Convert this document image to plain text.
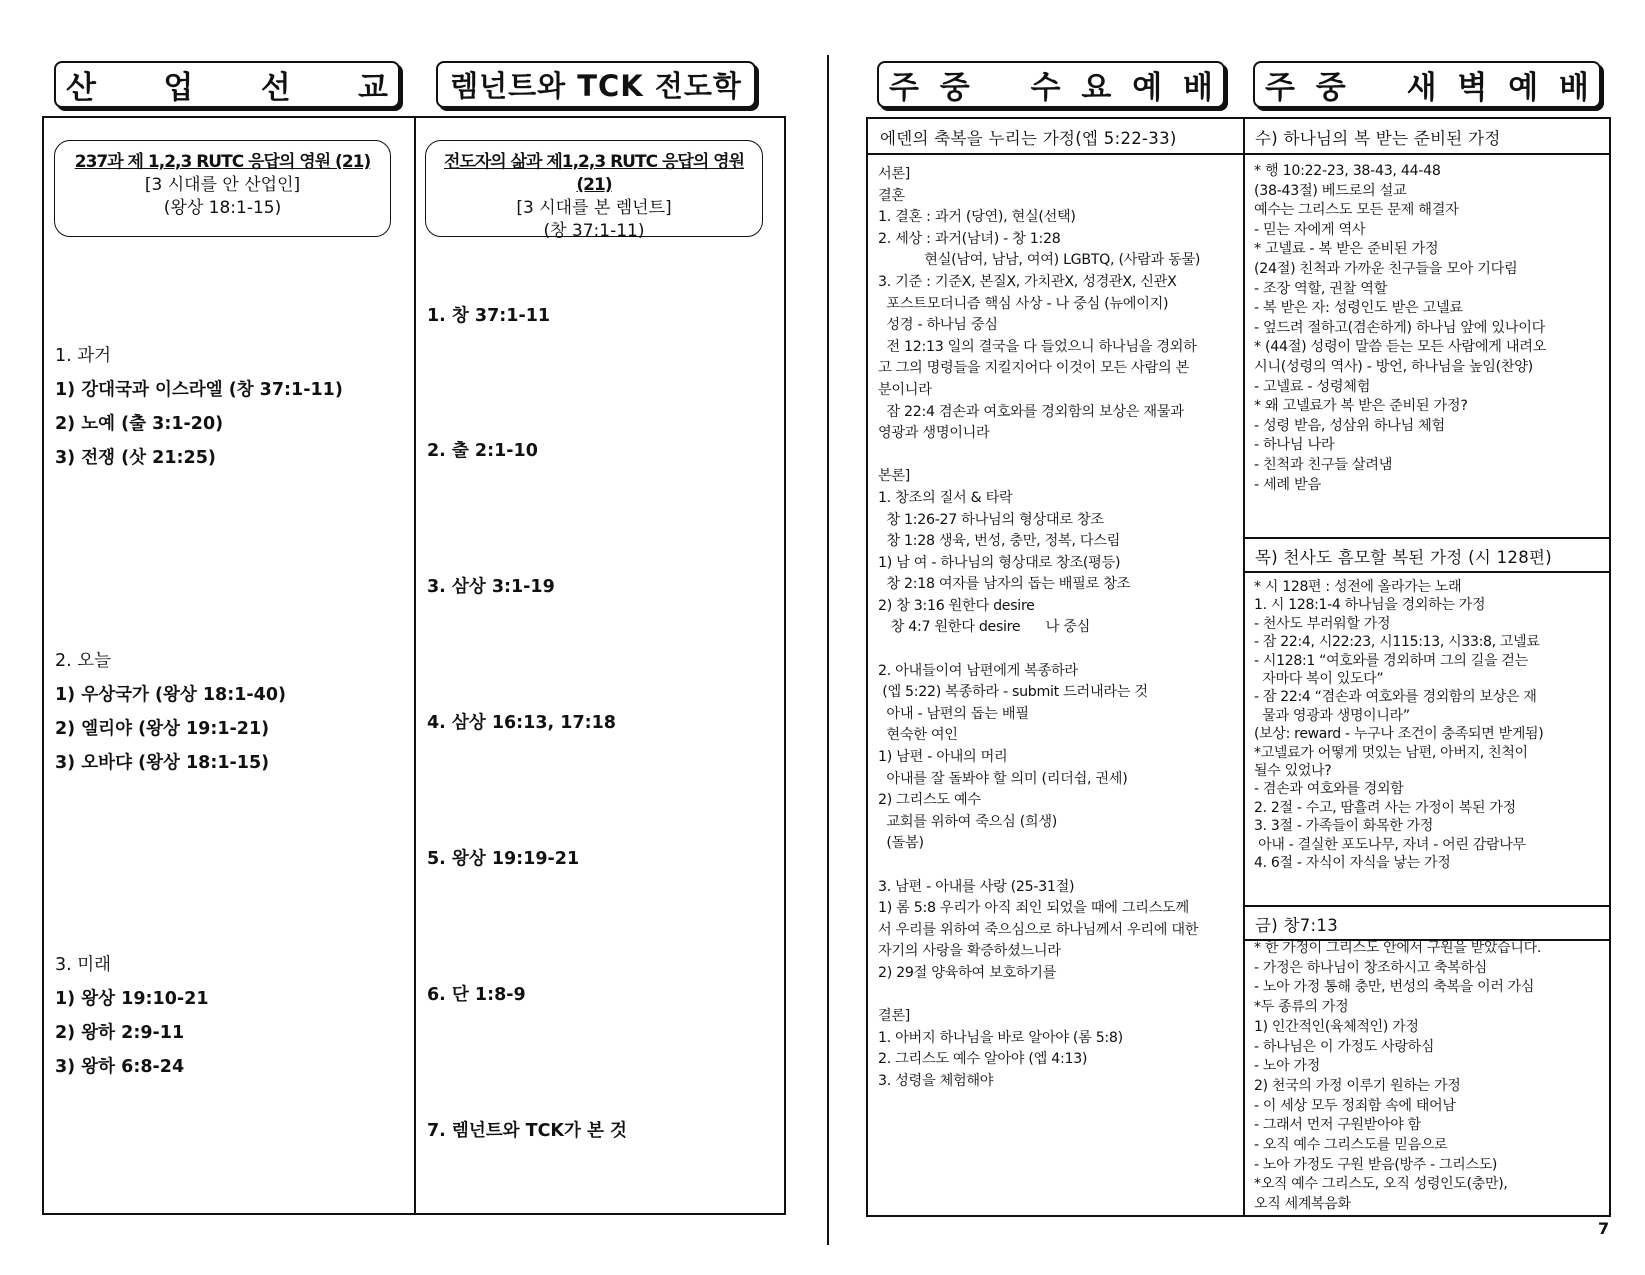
산 업 선 교 렘넌트와 TCK 전도학
237과 제 1,2,3 RUTC 응답의 영원 (21)
[3 시대를 안 산업인]
(왕상 18:1-15)
전도자의 삶과 제1,2,3 RUTC 응답의 영원 (21)
[3 시대를 본 렘넌트]
(창 37:1-11)
1. 과거
1) 강대국과 이스라엘 (창 37:1-11)
2) 노예 (출 3:1-20)
3) 전쟁 (삿 21:25)
2. 오늘
1) 우상국가 (왕상 18:1-40)
2) 엘리야 (왕상 19:1-21)
3) 오바댜 (왕상 18:1-15)
3. 미래
1) 왕상 19:10-21
2) 왕하 2:9-11
3) 왕하 6:8-24
1. 창 37:1-11
2. 출 2:1-10
3. 삼상 3:1-19
4. 삼상 16:13, 17:18
5. 왕상 19:19-21
6. 단 1:8-9
7. 렘넌트와 TCK가 본 것
주 중 수 요 예 배 주 중 새 벽 예 배
에덴의 축복을 누리는 가정(엡 5:22-33)
서론]
결혼
1. 결혼 : 과거 (당연), 현실(선택)
2. 세상 : 과거(남녀) - 창 1:28
현실(남여, 남남, 여여) LGBTQ, (사람과 동물)
3. 기준 : 기준X, 본질X, 가치관X, 성경관X, 신관X
포스트모더니즘 핵심 사상 - 나 중심 (뉴에이지)
성경 - 하나님 중심
전 12:13 일의 결국을 다 들었으니 하나님을 경외하
고 그의 명령들을 지킬지어다 이것이 모든 사람의 본
분이니라
잠 22:4 겸손과 여호와를 경외함의 보상은 재물과
영광과 생명이니라
본론]
1. 창조의 질서 & 타락
창 1:26-27 하나님의 형상대로 창조
창 1:28 생육, 번성, 충만, 정복, 다스림
1) 남 여 - 하나님의 형상대로 창조(평등)
창 2:18 여자를 남자의 돕는 배필로 창조
2) 창 3:16 원한다 desire
창 4:7 원한다 desire      나 중심
2. 아내들이여 남편에게 복종하라
(엡 5:22) 복종하라 - submit 드러내라는 것
아내 - 남편의 돕는 배필
현숙한 여인
1) 남편 - 아내의 머리
아내를 잘 돌봐야 할 의미 (리더쉽, 권세)
2) 그리스도 예수
교회를 위하여 죽으심 (희생)
(돌봄)
3. 남편 - 아내를 사랑 (25-31절)
1) 롬 5:8 우리가 아직 죄인 되었을 때에 그리스도께
서 우리를 위하여 죽으심으로 하나님께서 우리에 대한
자기의 사랑을 확증하셨느니라
2) 29절 양육하여 보호하기를
결론]
1. 아버지 하나님을 바로 알아야 (롬 5:8)
2. 그리스도 예수 알아야 (엡 4:13)
3. 성령을 체험해야
수) 하나님의 복 받는 준비된 가정
* 행 10:22-23, 38-43, 44-48
(38-43절) 베드로의 설교
예수는 그리스도 모든 문제 해결자
- 믿는 자에게 역사
* 고넬료 - 복 받은 준비된 가정
(24절) 친척과 가까운 친구들을 모아 기다림
- 조장 역할, 권찰 역할
- 복 받은 자: 성령인도 받은 고넬료
- 엎드려 절하고(겸손하게) 하나님 앞에 있나이다
* (44절) 성령이 말씀 듣는 모든 사람에게 내려오
시니(성령의 역사) - 방언, 하나님을 높임(찬양)
- 고넬료 - 성령체험
* 왜 고넬료가 복 받은 준비된 가정?
- 성령 받음, 성삼위 하나님 체험
- 하나님 나라
- 친척과 친구들 살려냄
- 세례 받음
목) 천사도 흠모할 복된 가정 (시 128편)
* 시 128편 : 성전에 올라가는 노래
1. 시 128:1-4 하나님을 경외하는 가정
- 천사도 부러워할 가정
- 잠 22:4, 시22:23, 시115:13, 시33:8, 고넬료
- 시128:1 “여호와를 경외하며 그의 길을 걷는
자마다 복이 있도다”
- 잠 22:4 “겸손과 여호와를 경외함의 보상은 재
물과 영광과 생명이니라”
(보상: reward - 누구나 조건이 충족되면 받게됨)
*고넬료가 어떻게 멋있는 남편, 아버지, 친척이
될수 있었나?
- 겸손과 여호와를 경외함
2. 2절 - 수고, 땀흘려 사는 가정이 복된 가정
3. 3절 - 가족들이 화목한 가정
아내 - 결실한 포도나무, 자녀 - 어린 감람나무
4. 6절 - 자식이 자식을 낳는 가정
금) 창7:13
* 한 가정이 그리스도 안에서 구원을 받았습니다.
- 가정은 하나님이 창조하시고 축복하심
- 노아 가정 통해 충만, 번성의 축복을 이러 가심
*두 종류의 가정
1) 인간적인(육체적인) 가정
- 하나님은 이 가정도 사랑하심
- 노아 가정
2) 천국의 가정 이루기 원하는 가정
- 이 세상 모두 정죄함 속에 태어남
- 그래서 먼저 구원받아야 함
- 오직 예수 그리스도를 믿음으로
- 노아 가정도 구원 받음(방주 - 그리스도)
*오직 예수 그리스도, 오직 성령인도(충만),
오직 세계복음화
7
